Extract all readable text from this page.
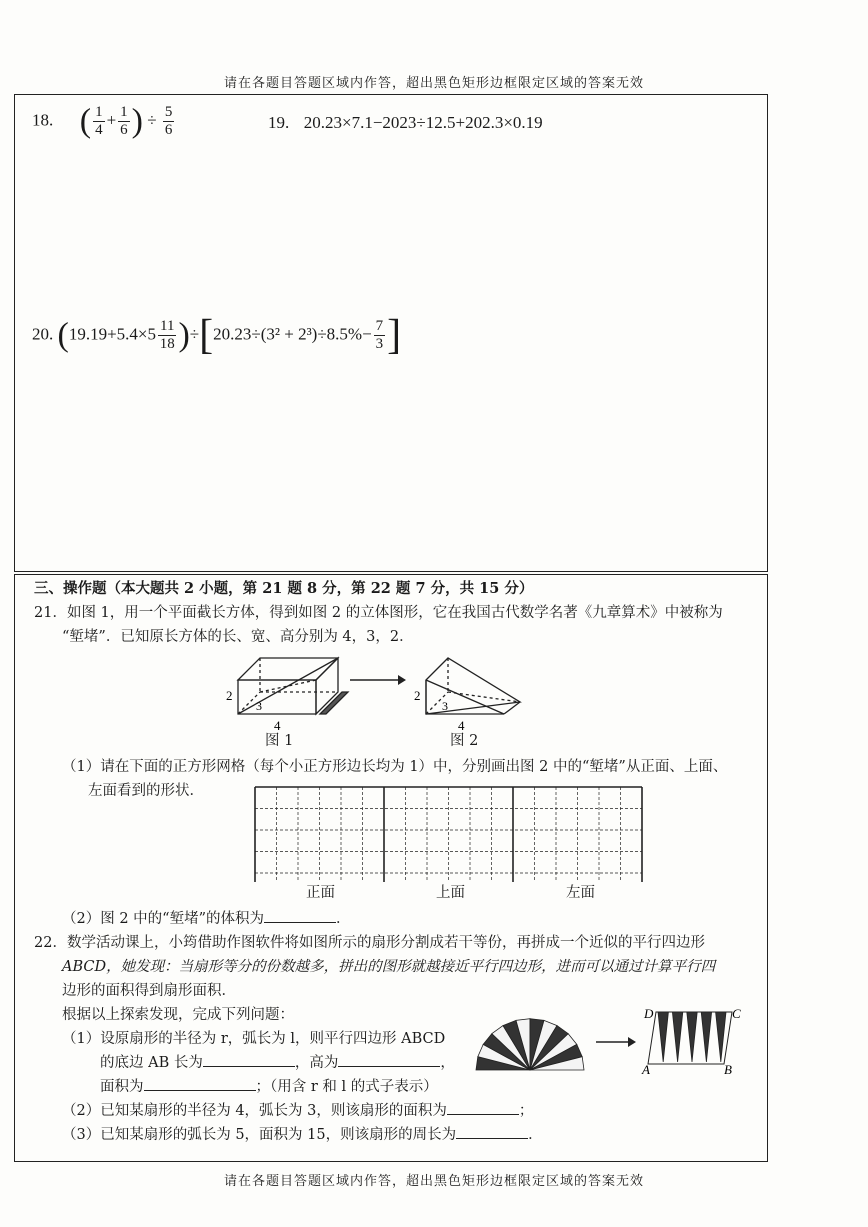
请在各题目答题区域内作答，超出黑色矩形边框限定区域的答案无效
18. ( $\frac{1}{4} + \frac{1}{6}$ ) ÷ $\frac{5}{6}$	19. 20.23×7.1−2023÷12.5+202.3×0.19
20. $(19.19+5.4\times 5 \frac{11}{18} )\div[20.23\div(3^2 + 2^3)\div 8.5\%- \frac{7}{3}$ ]
三、操作题（本大题共 2 小题，第 21 题 8 分，第 22 题 7 分，共 15 分）
21．如图 1，用一个平面截长方体，得到如图 2 的立体图形，它在我国古代数学名著《九章算术》中被称为
“堑堵”．已知原长方体的长、宽、高分别为 4，3，2．
2
3
4
图 1
2
3
4
图 2
（1）请在下面的正方形网格（每个小正方形边长均为 1）中，分别画出图 2 中的“堑堵”从正面、上面、
左面看到的形状．
正面	上面	左面
（2）图 2 中的“堑堵”的体积为	．
22．数学活动课上，小筠借助作图软件将如图所示的扇形分割成若干等份，再拼成一个近似的平行四边形
ABCD，她发现：当扇形等分的份数越多，拼出的图形就越接近平行四边形，进而可以通过计算平行四
边形的面积得到扇形面积．
根据以上探索发现，完成下列问题：
（1）设原扇形的半径为 r，弧长为 l，则平行四边形 ABCD
的底边 AB 长为	，高为	，
面积为	；（用含 r 和 l 的式子表示）
（2）已知某扇形的半径为 4，弧长为 3，则该扇形的面积为	；
（3）已知某扇形的弧长为 5，面积为 15，则该扇形的周长为	．
D	C
A	B
请在各题目答题区域内作答，超出黑色矩形边框限定区域的答案无效
